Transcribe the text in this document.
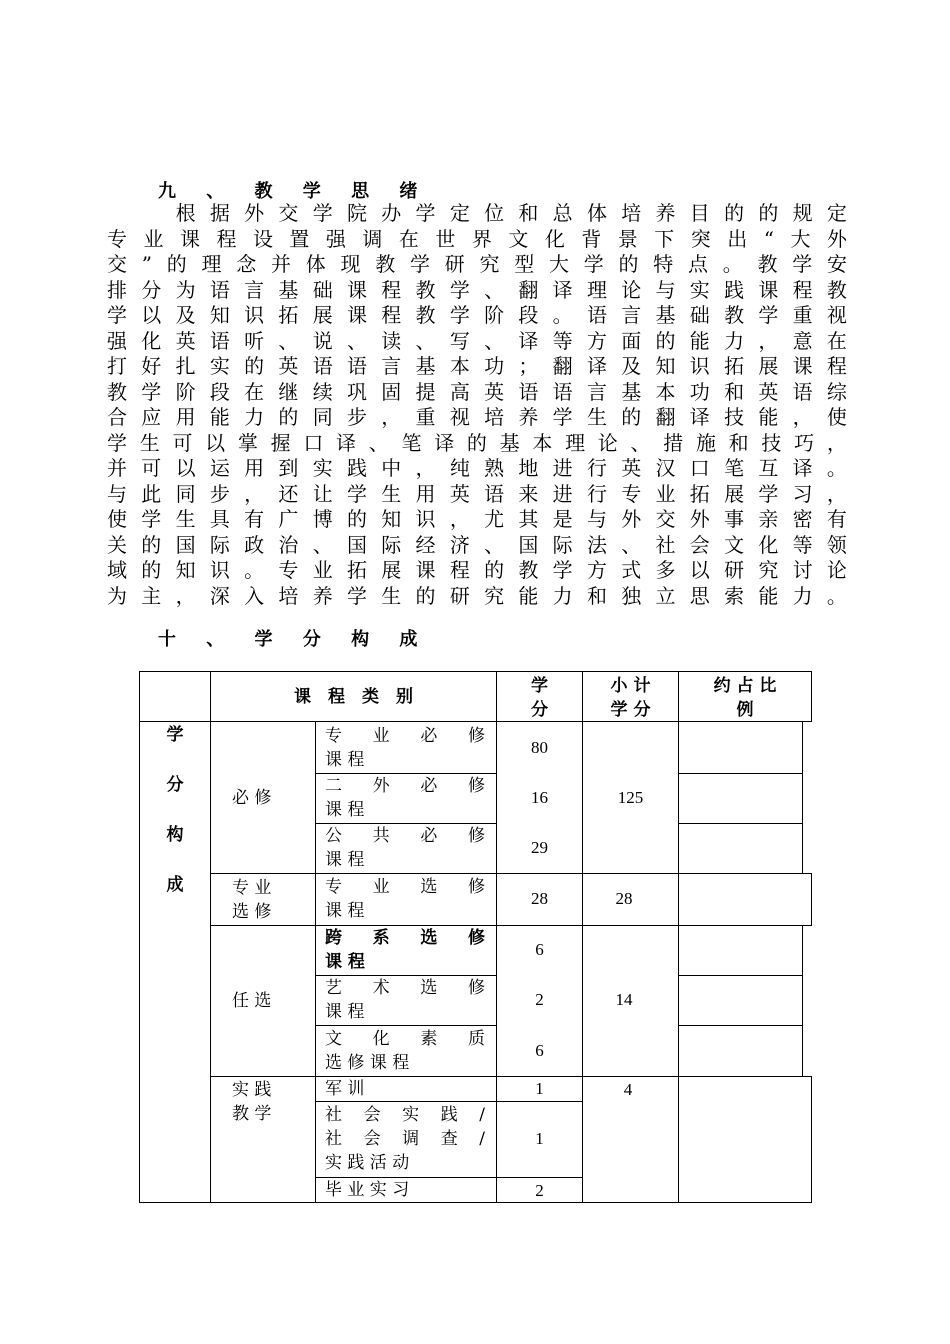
九 、 教 学 思 绪

根 据 外 交 学 院 办 学 定 位 和 总 体 培 养 目 的 的 规 定
专 业 课 程 设 置 强 调 在 世 界 文 化 背 景 下 突 出 “ 大 外
交 ” 的 理 念 并 体 现 教 学 研 究 型 大 学 的 特 点 。 教 学 安
排 分 为 语 言 基 础 课 程 教 学 、 翻 译 理 论 与 实 践 课 程 教
学 以 及 知 识 拓 展 课 程 教 学 阶 段 。 语 言 基 础 教 学 重 视
强 化 英 语 听 、 说 、 读 、 写 、 译 等 方 面 的 能 力 ， 意 在
打 好 扎 实 的 英 语 语 言 基 本 功 ； 翻 译 及 知 识 拓 展 课 程
教 学 阶 段 在 继 续 巩 固 提 高 英 语 语 言 基 本 功 和 英 语 综
合 应 用 能 力 的 同 步 ， 重 视 培 养 学 生 的 翻 译 技 能 ， 使
学 生 可 以 掌 握 口 译 、 笔 译 的 基 本 理 论 、 措 施 和 技 巧 ，
并 可 以 运 用 到 实 践 中 ， 纯 熟 地 进 行 英 汉 口 笔 互 译 。
与 此 同 步 ， 还 让 学 生 用 英 语 来 进 行 专 业 拓 展 学 习 ，
使 学 生 具 有 广 博 的 知 识 ， 尤 其 是 与 外 交 外 事 亲 密 有
关 的 国 际 政 治 、 国 际 经 济 、 国 际 法 、 社 会 文 化 等 领
域 的 知 识 。 专 业 拓 展 课 程 的 教 学 方 式 多 以 研 究 讨 论
为 主 ， 深 入 培 养 学 生 的 研 究 能 力 和 独 立 思 索 能 力 。
十 、 学 分 构 成
课　程　类　别
学
分
小 计
学 分
约 占 比
例
学
分
构
成
必 修
专 业
选 修
任 选
实 践
教 学
专　业　必　修
课 程
二　外　必　修
课 程
公　共　必　修
课 程
专　业　选　修
课 程
跨　系　选　修
课 程
艺　术　选　修
课 程
文　化　素　质
选 修 课 程
军 训
社　会　实　践　/
社　会　调　查　/
实 践 活 动
毕 业 实 习
80
16
29
28
6
2
6
1
1
2
125
28
14
4
